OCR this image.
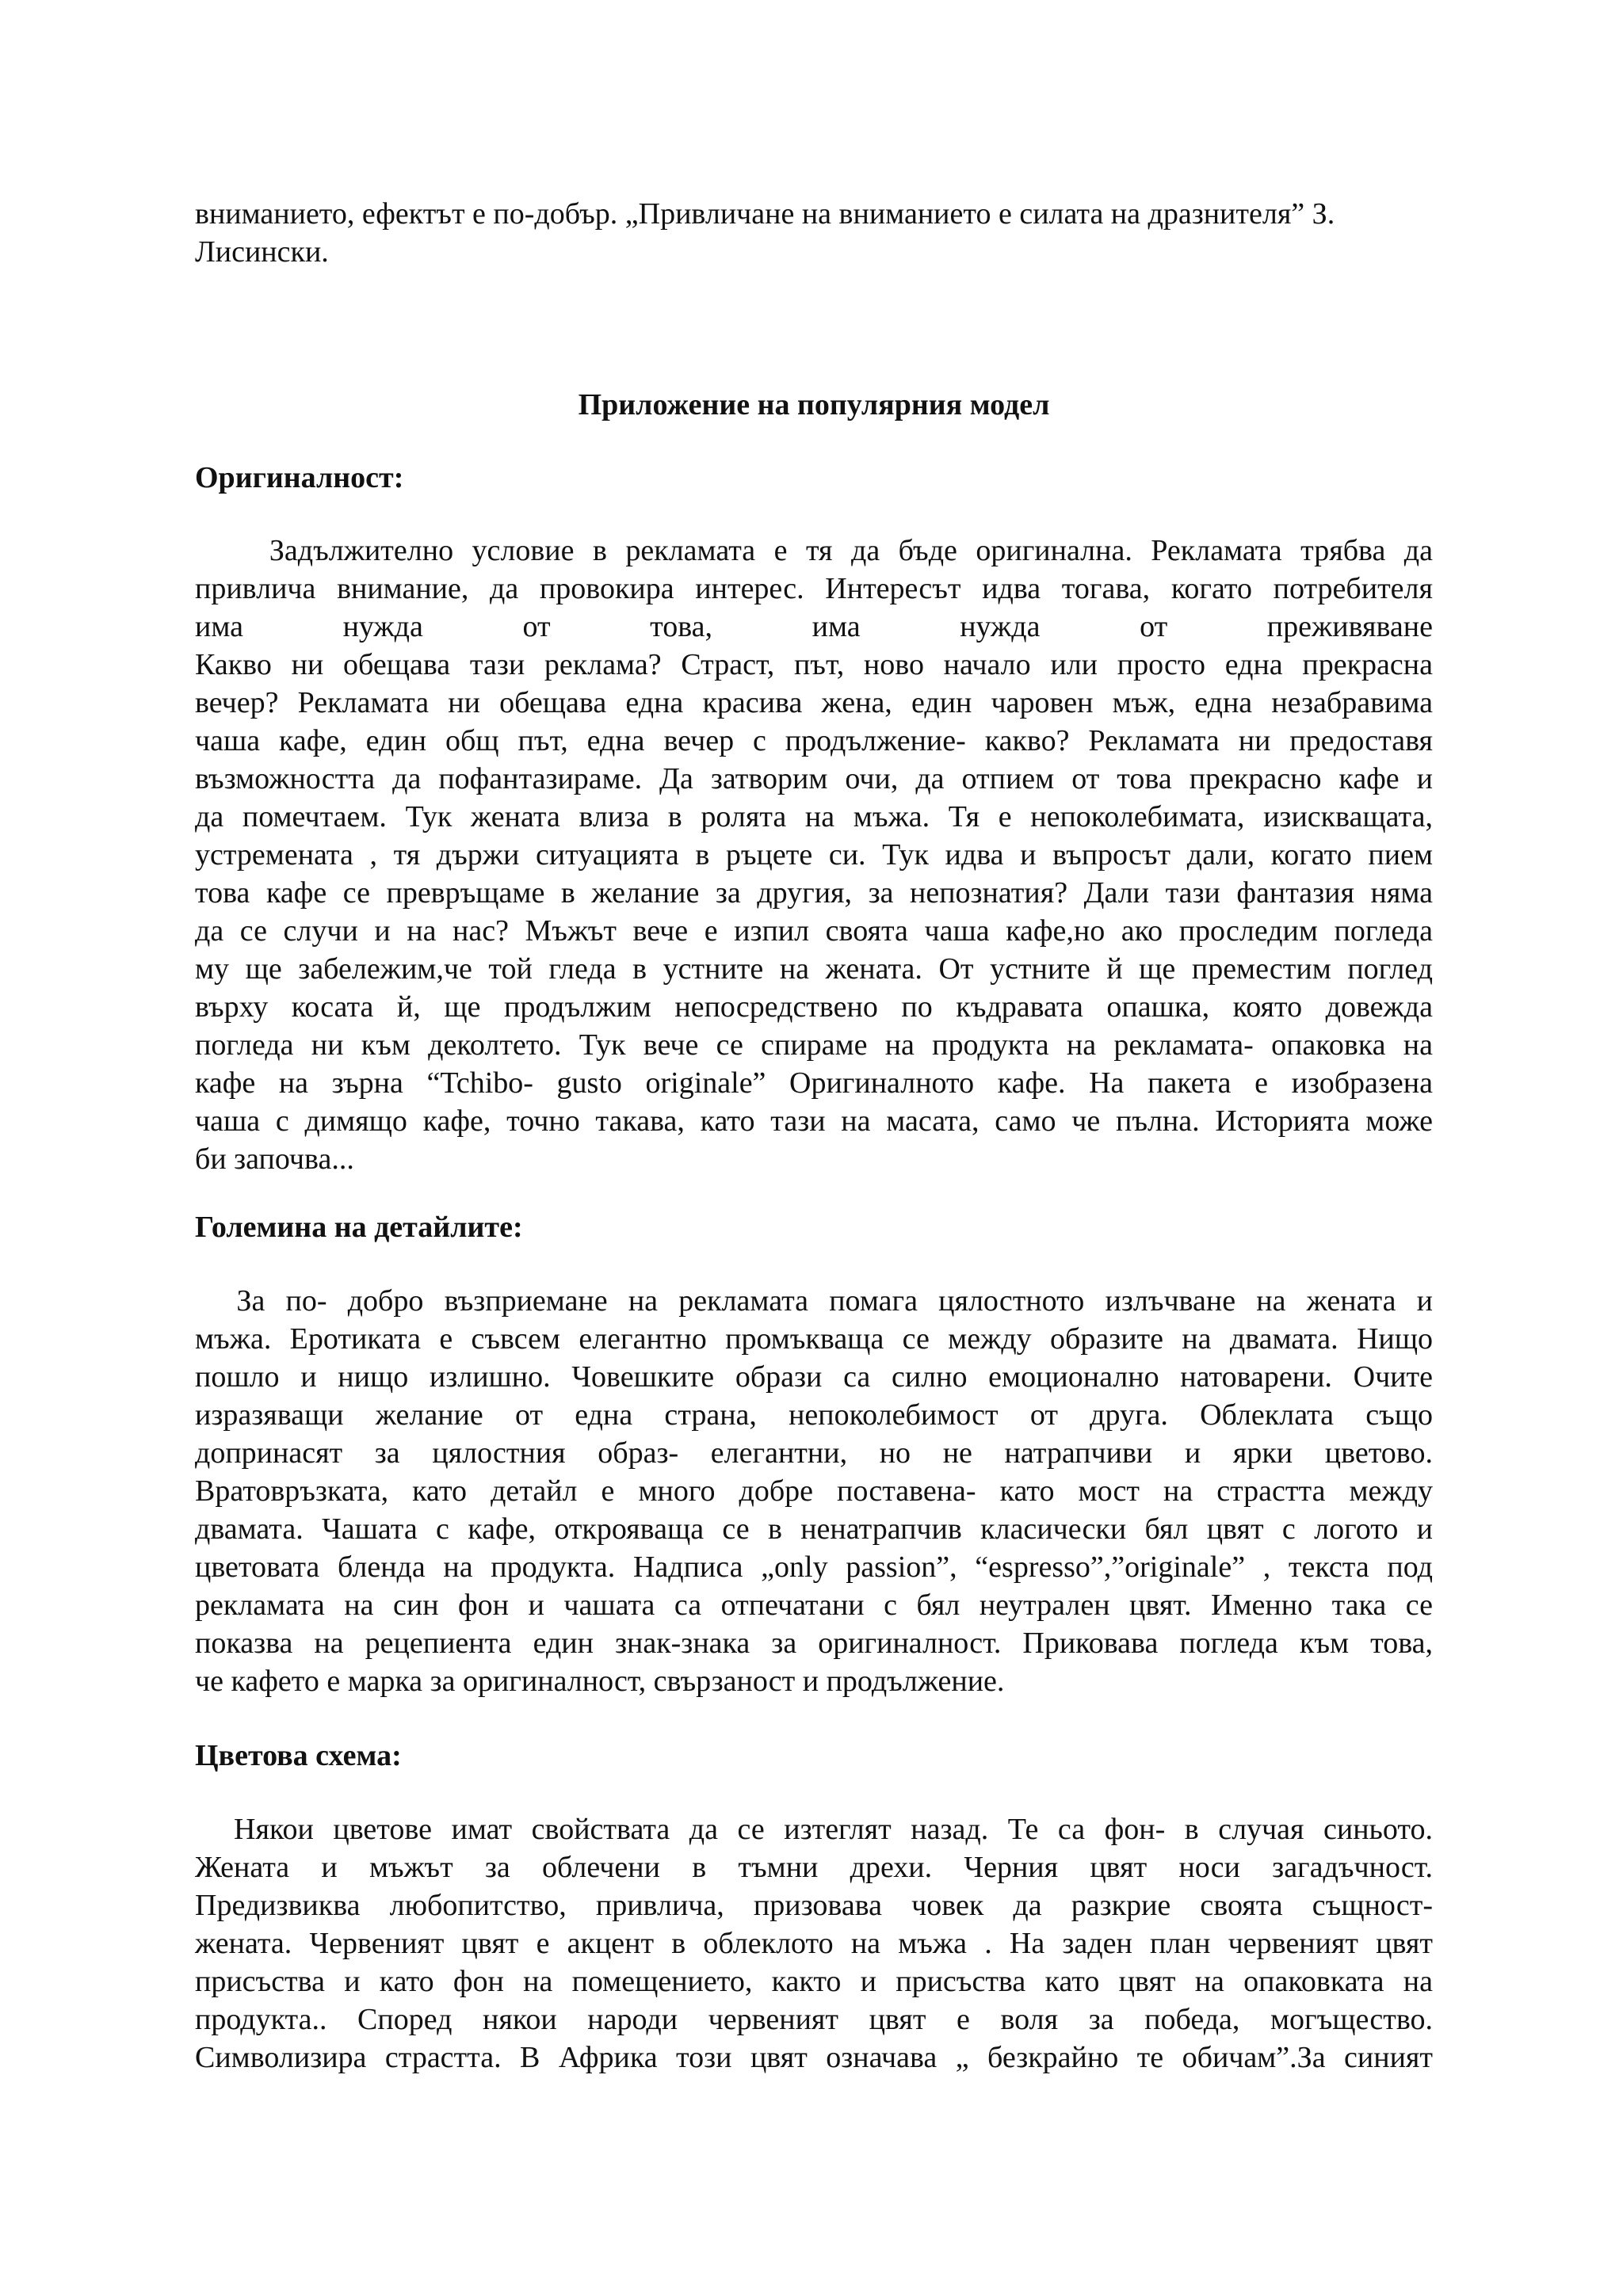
вниманието, ефектът е по-добър. „Привличане на вниманието е силата на дразнителя” З.

Лисински.

Приложение на популярния модел
Оригиналност:
Задължително условие в рекламата е тя да бъде оригинална. Рекламата трябва да
привлича внимание, да провокира интерес. Интересът идва тогава, когато потребителя
има нужда от това, има нужда от преживяване
Какво ни обещава тази реклама? Страст, път, ново начало или просто една прекрасна
вечер? Рекламата ни обещава една красива жена, един чаровен мъж, една незабравима
чаша кафе, един общ път, една вечер с продължение- какво? Рекламата ни предоставя
възможността да пофантазираме. Да затворим очи, да отпием от това прекрасно кафе и
да помечтаем. Тук жената влиза в ролята на мъжа. Тя е непоколебимата, изискващата,
устремената , тя държи ситуацията в ръцете си. Тук идва и въпросът дали, когато пием
това кафе се превръщаме в желание за другия, за непознатия? Дали тази фантазия няма
да се случи и на нас? Мъжът вече е изпил своята чаша кафе,но ако проследим погледа
му ще забележим,че той гледа в устните на жената. От устните й ще преместим поглед
върху косата й, ще продължим непосредствено по къдравата опашка, която довежда
погледа ни към деколтето. Тук вече се спираме на продукта на рекламата- опаковка на
кафе на зърна “Tchibo- gusto originale” Оригиналното кафе. На пакета е изобразена
чаша с димящо кафе, точно такава, като тази на масата, само че пълна. Историята може
би започва...
Големина на детайлите:
За по- добро възприемане на рекламата помага цялостното излъчване на жената и
мъжа. Еротиката е съвсем елегантно промъкваща се между образите на двамата. Нищо
пошло и нищо излишно. Човешките образи са силно емоционално натоварени. Очите
изразяващи желание от една страна, непоколебимост от друга. Облеклата също
допринасят за цялостния образ- елегантни, но не натрапчиви и ярки цветово.
Вратовръзката, като детайл е много добре поставена- като мост на страстта между
двамата. Чашата с кафе, открояваща се в ненатрапчив класически бял цвят с логото и
цветовата бленда на продукта. Надписа „only passion”, “espresso”,”originale” , текста под
рекламата на син фон и чашата са отпечатани с бял неутрален цвят. Именно така се
показва на рецепиента един знак-знака за оригиналност. Приковава погледа към това,
че кафето е марка за оригиналност, свързаност и продължение.
Цветова схема:
Някои цветове имат свойствата да се изтеглят назад. Те са фон- в случая синьото.
Жената и мъжът за облечени в тъмни дрехи. Черния цвят носи загадъчност.
Предизвиква любопитство, привлича, призовава човек да разкрие своята същност-
жената. Червеният цвят е акцент в облеклото на мъжа . На заден план червеният цвят
присъства и като фон на помещението, както и присъства като цвят на опаковката на
продукта.. Според някои народи червеният цвят е воля за победа, могъщество.
Символизира страстта. В Африка този цвят означава „ безкрайно те обичам”.За синият
